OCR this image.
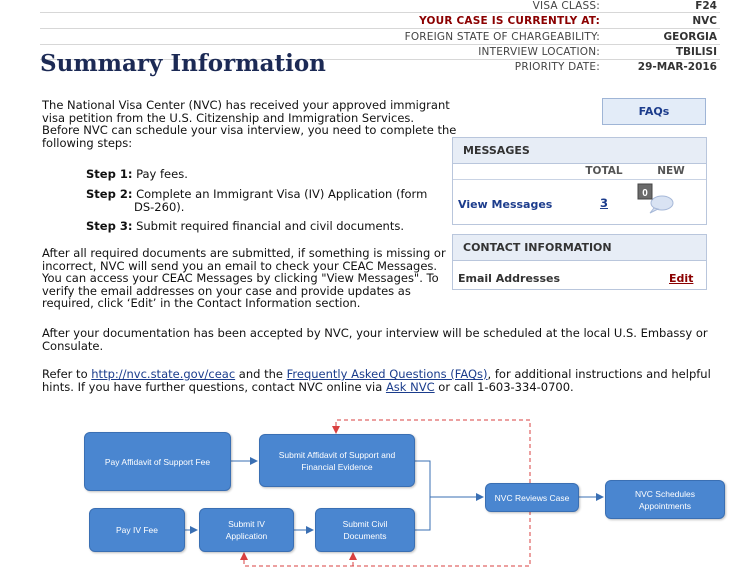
VISA CLASS:	F24
YOUR CASE IS CURRENTLY AT:	NVC
FOREIGN STATE OF CHARGEABILITY:	GEORGIA
INTERVIEW LOCATION:	TBILISI
PRIORITY DATE:	29-MAR-2016
Summary Information
The National Visa Center (NVC) has received your approved immigrant
visa petition from the U.S. Citizenship and Immigration Services.
Before NVC can schedule your visa interview, you need to complete the
following steps:
Step 1: Pay fees.
Step 2: Complete an Immigrant Visa (IV) Application (form
DS-260).
Step 3: Submit required financial and civil documents.
After all required documents are submitted, if something is missing or
incorrect, NVC will send you an email to check your CEAC Messages.
You can access your CEAC Messages by clicking "View Messages". To
verify the email addresses on your case and provide updates as
required, click ‘Edit’ in the Contact Information section.
After your documentation has been accepted by NVC, your interview will be scheduled at the local U.S. Embassy or
Consulate.
Refer to http://nvc.state.gov/ceac and the Frequently Asked Questions (FAQs), for additional instructions and helpful
hints. If you have further questions, contact NVC online via Ask NVC or call 1-603-334-0700.
FAQs
MESSAGES
TOTAL	NEW
View Messages	3
0
CONTACT INFORMATION
Email Addresses	Edit
Pay Affidavit of Support Fee
Submit Affidavit of Support and
Financial Evidence
Pay IV Fee
Submit IV
Application
Submit Civil
Documents
NVC Reviews Case	NVC Schedules
Appointments
